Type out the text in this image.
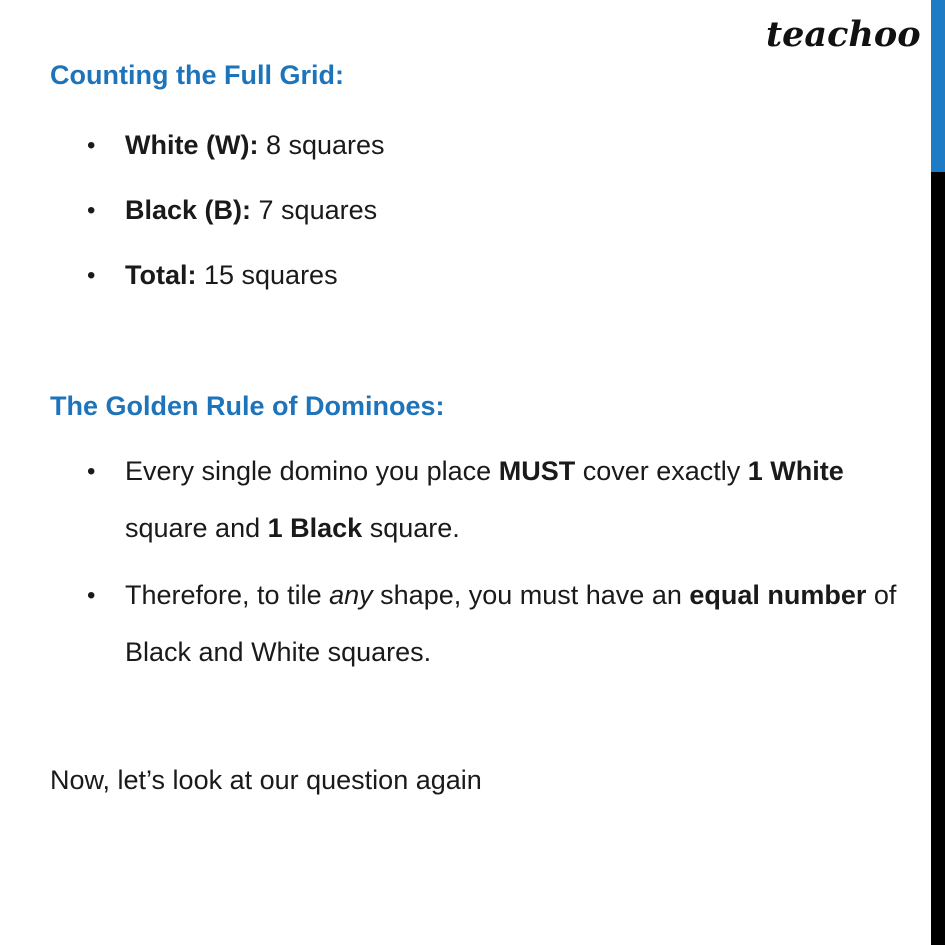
teachoo
Counting the Full Grid:
• White (W): 8 squares
• Black (B): 7 squares
• Total: 15 squares
The Golden Rule of Dominoes:
• Every single domino you place MUST cover exactly 1 White square and 1 Black square.
• Therefore, to tile any shape, you must have an equal number of Black and White squares.

Now, let’s look at our question again
